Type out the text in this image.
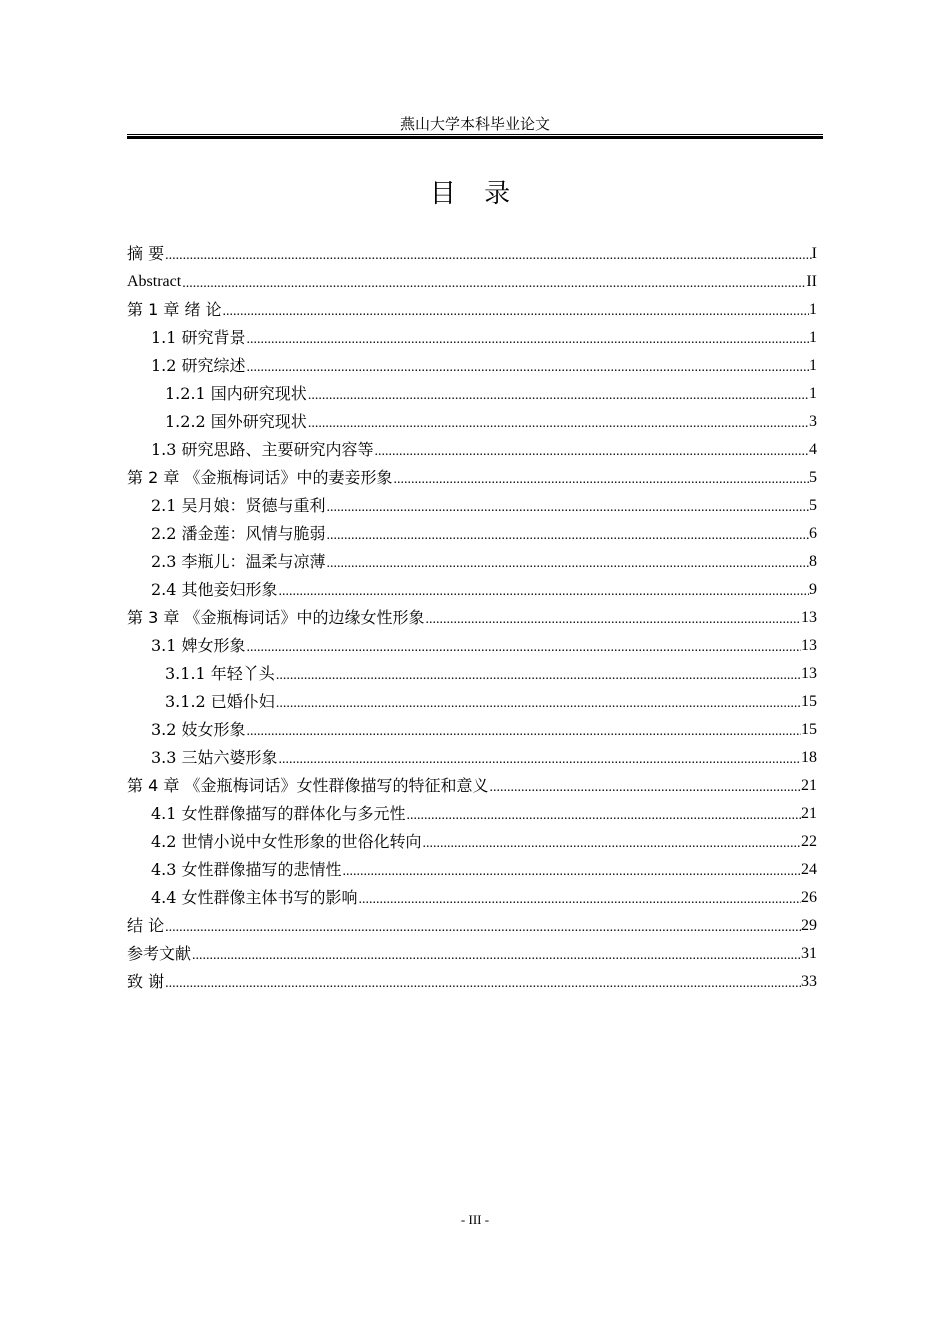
燕山大学本科毕业论文
目 录
摘 要 .....	I
Abstract .....	II
第 1 章 绪 论 .....	1
1.1 研究背景 .....	1
1.2 研究综述 .....	1
1.2.1 国内研究现状 .....	1
1.2.2 国外研究现状 .....	3
1.3 研究思路、主要研究内容等 .....	4
第 2 章 《金瓶梅词话》中的妻妾形象 .....	5
2.1 吴月娘：贤德与重利 .....	5
2.2 潘金莲：风情与脆弱 .....	6
2.3 李瓶儿：温柔与凉薄 .....	8
2.4 其他妾妇形象 .....	9
第 3 章 《金瓶梅词话》中的边缘女性形象 .....	13
3.1 婢女形象 .....	13
3.1.1 年轻丫头 .....	13
3.1.2 已婚仆妇 .....	15
3.2 妓女形象 .....	15
3.3 三姑六婆形象 .....	18
第 4 章 《金瓶梅词话》女性群像描写的特征和意义 .....	21
4.1 女性群像描写的群体化与多元性 .....	21
4.2 世情小说中女性形象的世俗化转向 .....	22
4.3 女性群像描写的悲情性 .....	24
4.4 女性群像主体书写的影响 .....	26
结 论 .....	29
参考文献 .....	31
致 谢 .....	33
- III -
